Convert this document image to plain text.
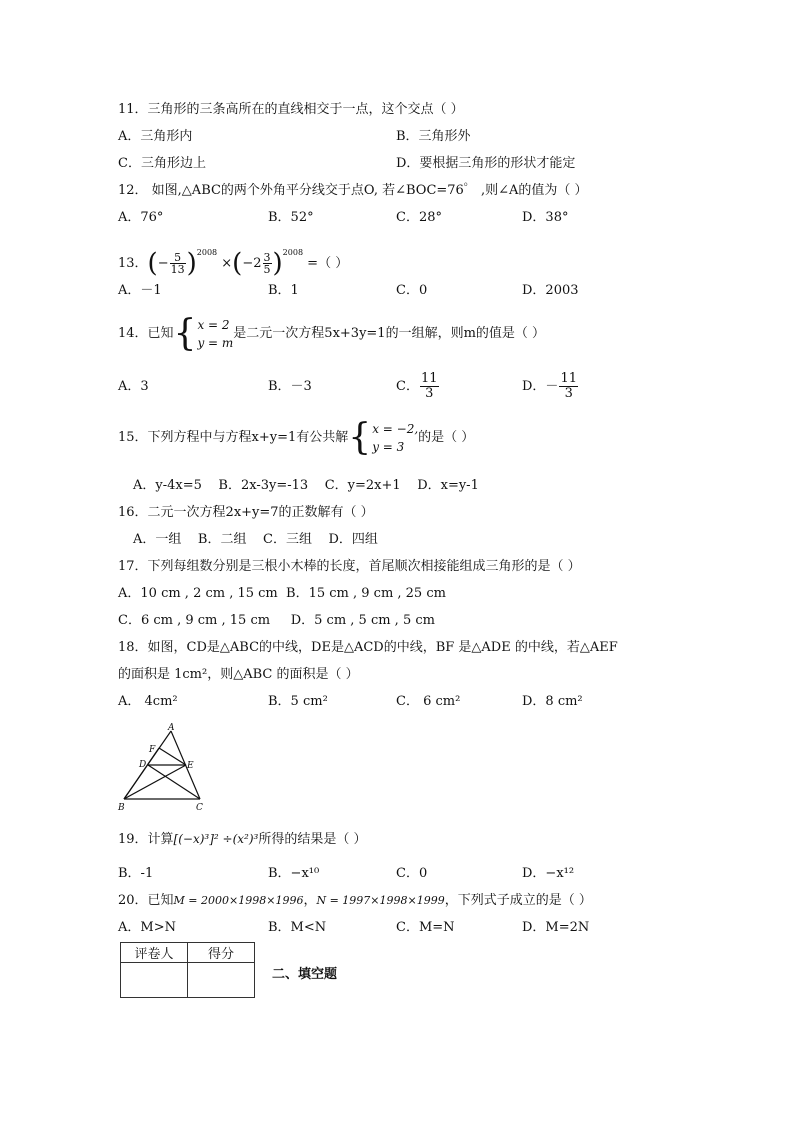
11．三角形的三条高所在的直线相交于一点，这个交点（ ）
A．三角形内	B．三角形外
C．三角形边上	D．要根据三角形的形状才能定
12． 如图,△ABC的两个外角平分线交于点O, 若∠BOC=76゜ ,则∠A的值为（ ）
A．76°	B．52°	C．28°	D．38°
13．(− $\frac{5}{13} )^{2008} \times(-2 \frac{3}{5} )^{2008}$ =（ ）
A．－1	B．1	C．0	D．2003
14．已知{ x = 2
y = m
是二元一次方程5x+3y=1的一组解，则m的值是（ ）
A．3	B．－3	C． $\frac{11}{3}$	D．－ $\frac{11}{3}$
15．下列方程中与方程x+y=1有公共解{ x = −2,
y = 3
的是（ ）
A．y-4x=5    B．2x-3y=-13    C．y=2x+1    D．x=y-1
16．二元一次方程2x+y=7的正数解有（ ）
A．一组    B．二组    C．三组    D．四组
17．下列每组数分别是三根小木棒的长度，首尾顺次相接能组成三角形的是（ ）
A．10 cm , 2 cm , 15 cm  B．15 cm , 9 cm , 25 cm
C．6 cm , 9 cm , 15 cm     D．5 cm , 5 cm , 5 cm
18．如图，CD是△ABC的中线，DE是△ACD的中线，BF 是△ADE 的中线，若△AEF
的面积是 1cm²，则△ABC 的面积是（ ）
A． 4cm²	B．5 cm²	C． 6 cm²	D．8 cm²
A
B	C
D	E
F
19．计算[(−x)³]² ÷(x²)³所得的结果是（ ）
B．-1	B．−x¹⁰	C．0	D．−x¹²
20．已知M = 2000×1998×1996，N = 1997×1998×1999，下列式子成立的是（ ）
A．M>N	B．M<N	C．M=N	D．M=2N
评卷人	得分

二、填空题
